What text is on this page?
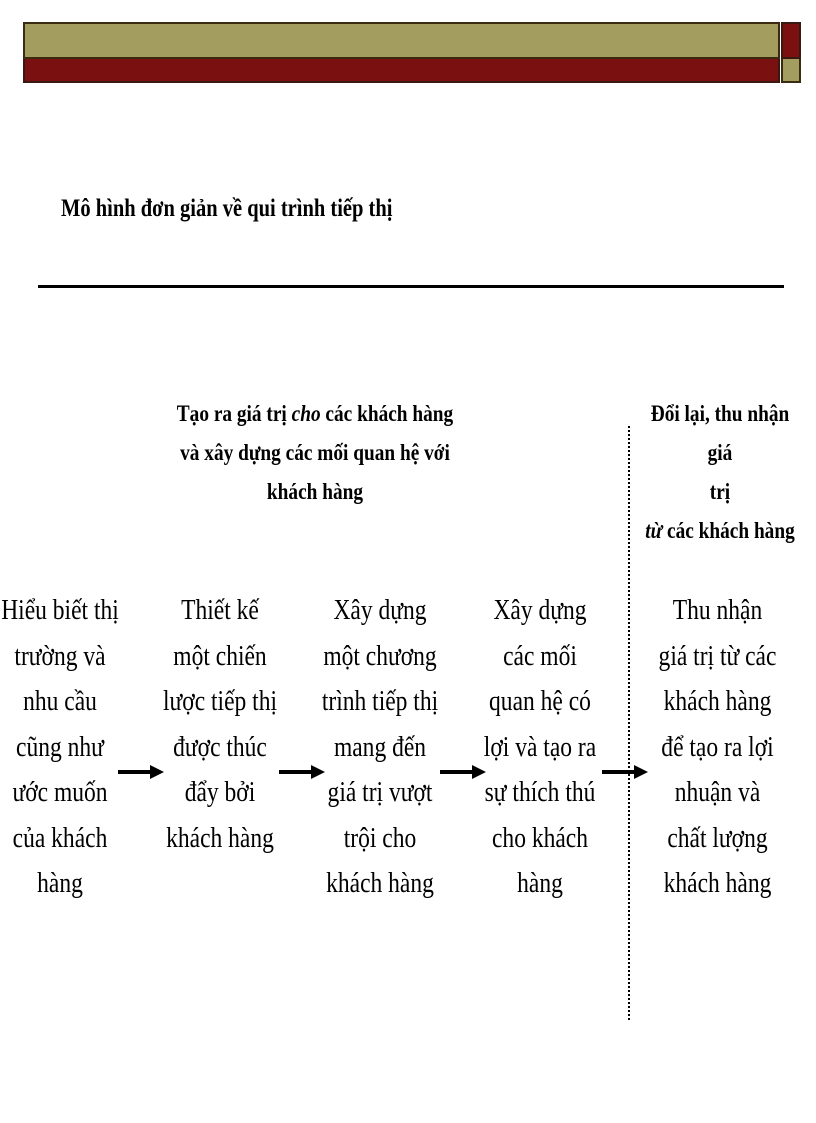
Mô hình đơn giản về qui trình tiếp thị
Tạo ra giá trị cho các khách hàng
và xây dựng các mối quan hệ với
khách hàng
Đổi lại, thu nhận giá
trị
từ các khách hàng
Hiểu biết thị
trường và
nhu cầu
cũng như
ước muốn
của khách
hàng
Thiết kế
một chiến
lược tiếp thị
được thúc
đẩy bởi
khách hàng
Xây dựng
một chương
trình tiếp thị
mang đến
giá trị vượt
trội cho
khách hàng
Xây dựng
các mối
quan hệ có
lợi và tạo ra
sự thích thú
cho khách
hàng
Thu nhận
giá trị từ các
khách hàng
để tạo ra lợi
nhuận và
chất lượng
khách hàng
